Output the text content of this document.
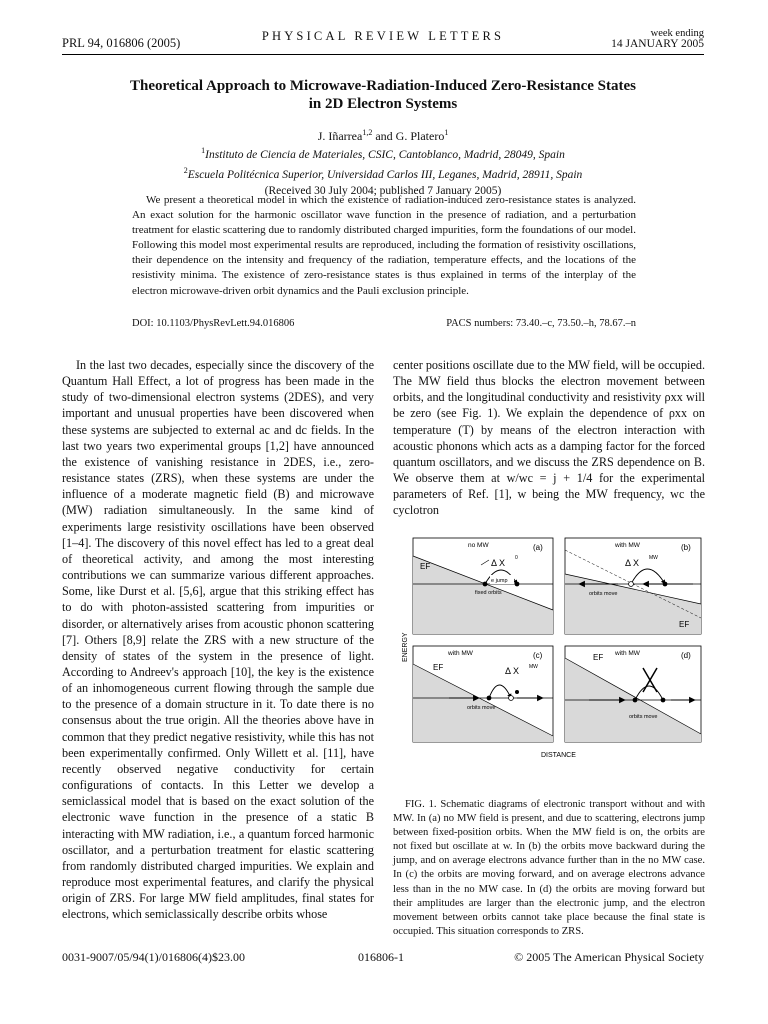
PRL 94, 016806 (2005)	PHYSICAL REVIEW LETTERS	week ending
14 JANUARY 2005
Theoretical Approach to Microwave-Radiation-Induced Zero-Resistance States
in 2D Electron Systems
J. Iñarrea$^{1,2}$ and G. Platero$^1$
$^1$Instituto de Ciencia de Materiales, CSIC, Cantoblanco, Madrid, 28049, Spain
$^2$Escuela Politécnica Superior, Universidad Carlos III, Leganes, Madrid, 28911, Spain
(Received 30 July 2004; published 7 January 2005)
We present a theoretical model in which the existence of radiation-induced zero-resistance states is analyzed. An exact solution for the harmonic oscillator wave function in the presence of radiation, and a perturbation treatment for elastic scattering due to randomly distributed charged impurities, form the foundations of our model. Following this model most experimental results are reproduced, including the formation of resistivity oscillations, their dependence on the intensity and frequency of the radiation, temperature effects, and the locations of the resistivity minima. The existence of zero-resistance states is thus explained in terms of the interplay of the electron microwave-driven orbit dynamics and the Pauli exclusion principle.
DOI: 10.1103/PhysRevLett.94.016806	PACS numbers: 73.40.–c, 73.50.–h, 78.67.–n

In the last two decades, especially since the discovery of the Quantum Hall Effect, a lot of progress has been made in the study of two-dimensional electron systems (2DES), and very important and unusual properties have been discovered when these systems are subjected to external ac and dc fields. In the last two years two experimental groups [1,2] have announced the existence of vanishing resistance in 2DES, i.e., zero-resistance states (ZRS), when these systems are under the influence of a moderate magnetic field (B) and microwave (MW) radiation simultaneously. In the same kind of experiments large resistivity oscillations have been observed [1–4]. The discovery of this novel effect has led to a great deal of theoretical activity, and among the most interesting contributions we can summarize various different approaches. Some, like Durst et al. [5,6], argue that this striking effect has to do with photon-assisted scattering from impurities or disorder, or alternatively arises from acoustic phonon scattering [7]. Others [8,9] relate the ZRS with a new structure of the density of states of the system in the presence of light. According to Andreev's approach [10], the key is the existence of an inhomogeneous current flowing through the sample due to the presence of a domain structure in it. To date there is no consensus about the true origin. All the theories above have in common that they predict negative resistivity, while this has not been experimentally confirmed. Only Willett et al. [11], have recently observed negative conductivity for certain configurations of contacts. In this Letter we develop a semiclassical model that is based on the exact solution of the electronic wave function in the presence of a static B interacting with MW radiation, i.e., a quantum forced harmonic oscillator, and a perturbation treatment for elastic scattering from randomly distributed charged impurities. We explain and reproduce most experimental features, and clarify the physical origin of ZRS. For large MW field amplitudes, final states for electrons, which semiclassically describe orbits whose

center positions oscillate due to the MW field, will be occupied. The MW field thus blocks the electron movement between orbits, and the longitudinal conductivity and resistivity ρxx will be zero (see Fig. 1). We explain the dependence of ρxx on temperature (T) by means of the electron interaction with acoustic phonons which acts as a damping factor for the forced quantum oscillators, and we discuss the ZRS dependence on B. We observe them at w/wc = j + 1/4 for the experimental parameters of Ref. [1], w being the MW frequency, wc the cyclotron

ENERGY
DISTANCE
no MW	(a)
EF	Δ X 0
e jump
fixed orbits
with MW	(b)
EF
Δ X MW
orbits move
with MW	(c)
EF	Δ X MW
orbits move
with MW	(d)
EF
orbits move
FIG. 1. Schematic diagrams of electronic transport without and with MW. In (a) no MW field is present, and due to scattering, electrons jump between fixed-position orbits. When the MW field is on, the orbits are not fixed but oscillate at w. In (b) the orbits move backward during the jump, and on average electrons advance further than in the no MW case. In (c) the orbits are moving forward, and on average electrons advance less than in the no MW case. In (d) the orbits are moving forward but their amplitudes are larger than the electronic jump, and the electron movement between orbits cannot take place because the final state is occupied. This situation corresponds to ZRS.
0031-9007/05/94(1)/016806(4)$23.00	016806-1	© 2005 The American Physical Society
